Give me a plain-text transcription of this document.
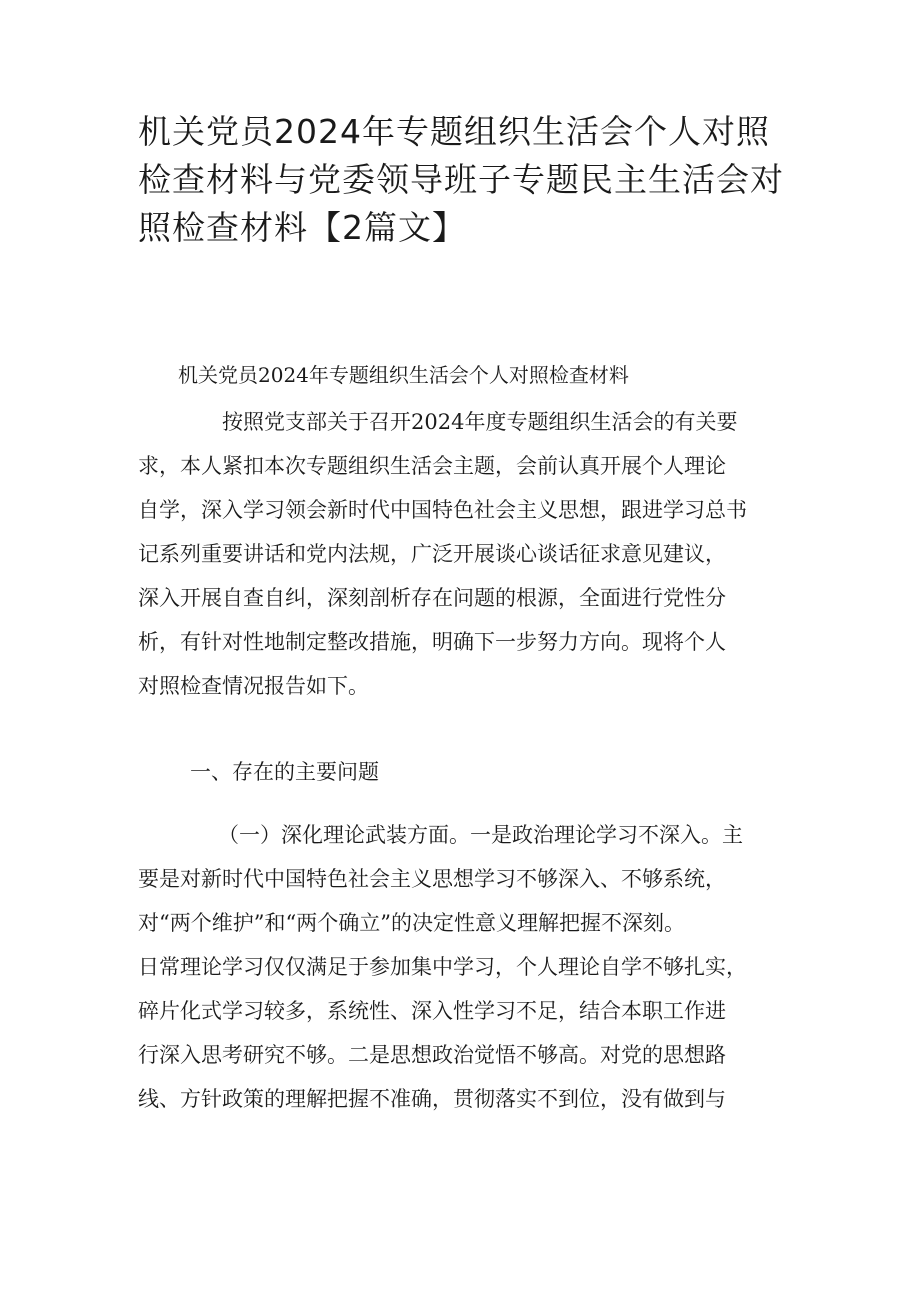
机关党员2024年专题组织生活会个人对照
检查材料与党委领导班子专题民主生活会对
照检查材料【2篇文】
机关党员2024年专题组织生活会个人对照检查材料
按照党支部关于召开2024年度专题组织生活会的有关要
求，本人紧扣本次专题组织生活会主题，会前认真开展个人理论
自学，深入学习领会新时代中国特色社会主义思想，跟进学习总书
记系列重要讲话和党内法规，广泛开展谈心谈话征求意见建议，
深入开展自查自纠，深刻剖析存在问题的根源，全面进行党性分
析，有针对性地制定整改措施，明确下一步努力方向。现将个人
对照检查情况报告如下。
一、存在的主要问题
（一）深化理论武装方面。一是政治理论学习不深入。主
要是对新时代中国特色社会主义思想学习不够深入、不够系统，
对“两个维护”和“两个确立”的决定性意义理解把握不深刻。
日常理论学习仅仅满足于参加集中学习，个人理论自学不够扎实，
碎片化式学习较多，系统性、深入性学习不足，结合本职工作进
行深入思考研究不够。二是思想政治觉悟不够高。对党的思想路
线、方针政策的理解把握不准确，贯彻落实不到位，没有做到与
